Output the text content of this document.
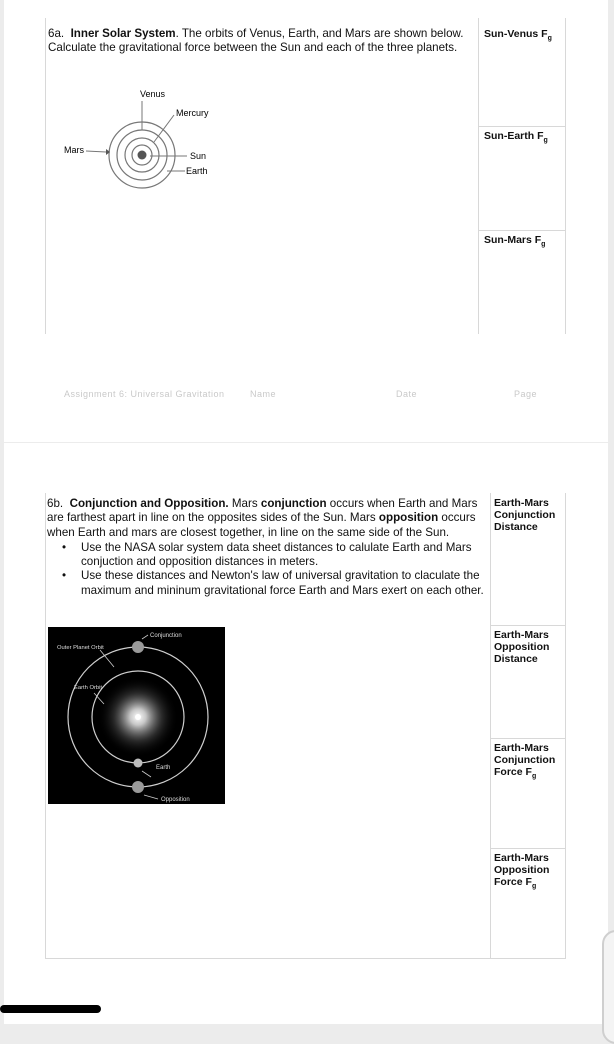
6a. Inner Solar System. The orbits of Venus, Earth, and Mars are shown below. Calculate the gravitational force between the Sun and each of the three planets.
Venus
Mercury
Mars
Sun
Earth
Sun-Venus $F_g$
Sun-Earth $F_g$
Sun-Mars $F_g$
Assignment 6: Universal Gravitation	Name	Date	Page
6b. Conjunction and Opposition. Mars conjunction occurs when Earth and Mars are farthest apart in line on the opposites sides of the Sun. Mars opposition occurs when Earth and mars are closest together, in line on the same side of the Sun.
• Use the NASA solar system data sheet distances to calulate Earth and Mars conjuction and opposition distances in meters.
• Use these distances and Newton's law of universal gravitation to claculate the maximum and mininum gravitational force Earth and Mars exert on each other.
Conjunction
Outer Planet Orbit
Earth Orbit
Earth
Opposition
Earth-Mars Conjunction Distance
Earth-Mars Opposition Distance
Earth-Mars Conjunction Force $F_g$
Earth-Mars Opposition Force $F_g$
